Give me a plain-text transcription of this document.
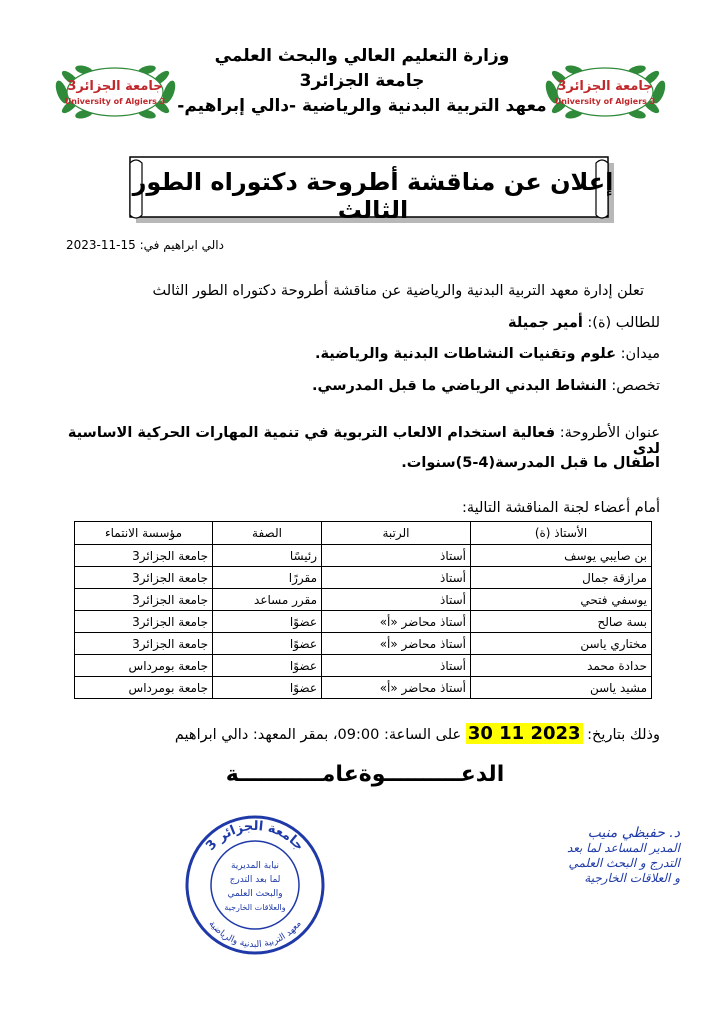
وزارة التعليم العالي والبحث العلمي
جامعة الجزائر3
معهد التربية البدنية والرياضية -دالي إبراهيم-
جامعة الجزائر3
University of Algiers 3
جامعة الجزائر3
University of Algiers 3
إعلان عن مناقشة أطروحة دكتوراه الطور الثالث
دالي ابراهيم في: 15-11-2023
تعلن إدارة معهد التربية البدنية والرياضية عن مناقشة أطروحة دكتوراه الطور الثالث
للطالب (ة): أمير جميلة
ميدان: علوم وتقنيات النشاطات البدنية والرياضية.
تخصص: النشاط البدني الرياضي ما قبل المدرسي.
عنوان الأطروحة: فعالية استخدام الالعاب التربوية في تنمية المهارات الحركية الاساسية لدى
اطفال ما قبل المدرسة(4-5)سنوات.
أمام أعضاء لجنة المناقشة التالية:
الأستاذ (ة)	الرتبة	الصفة	مؤسسة الانتماء
بن صايبي يوسف	أستاذ	رئيسًا	جامعة الجزائر3
مرازقة جمال	أستاذ	مقررًا	جامعة الجزائر3
يوسفي فتحي	أستاذ	مقرر مساعد	جامعة الجزائر3
بسة صالح	أستاذ محاضر «أ»	عضوًا	جامعة الجزائر3
مختاري ياسن	أستاذ محاضر «أ»	عضوًا	جامعة الجزائر3
حدادة محمد	أستاذ	عضوًا	جامعة بومرداس
مشيد ياسن	أستاذ محاضر «أ»	عضوًا	جامعة بومرداس
وذلك بتاريخ: 30 11 2023 على الساعة: 09:00، بمقر المعهد: دالي ابراهيم
الدعــــــــــوةعامـــــــــــة
جامعة الجزائر 3
معهد التربية البدنية والرياضية
نيابة المديرية
لما بعد التدرج
والبحث العلمي
والعلاقات الخارجية
د. حفيظي منيب
المدير المساعد لما بعد
التدرج و البحث العلمي
و العلاقات الخارجية
